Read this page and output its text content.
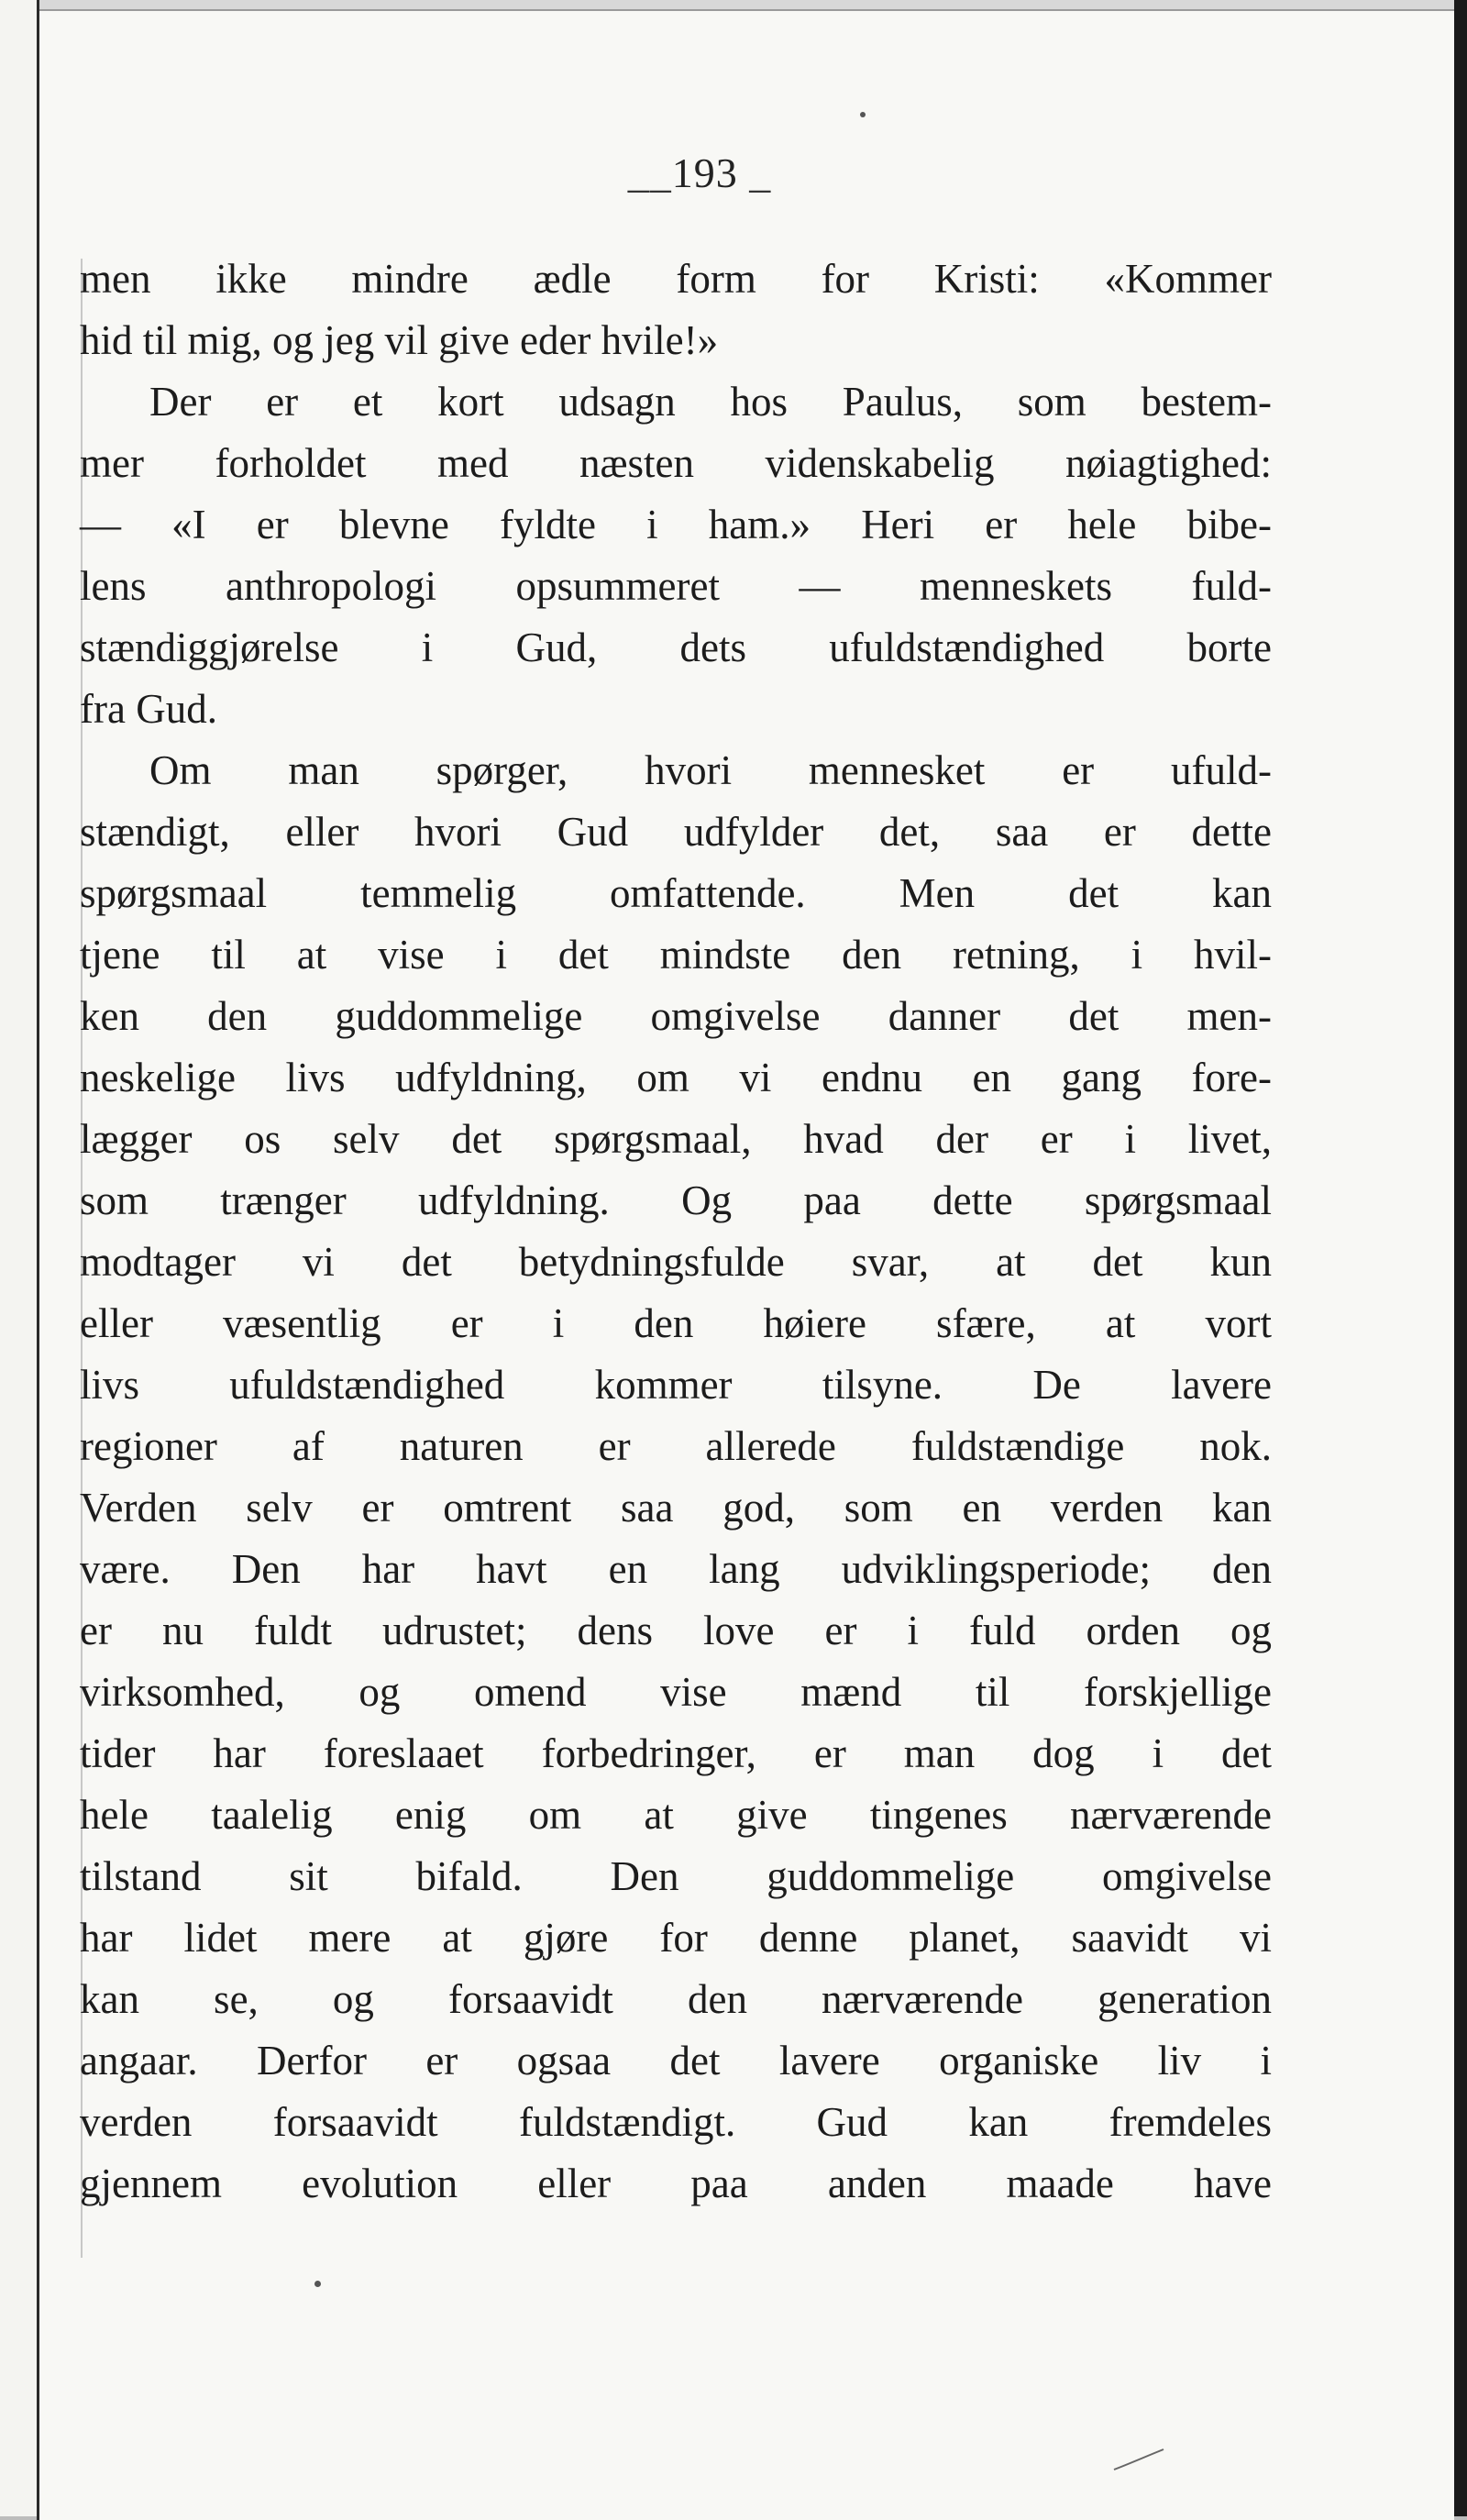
__193 _
men ikke mindre ædle form for Kristi: «Kommer
hid til mig, og jeg vil give eder hvile!»
Der er et kort udsagn hos Paulus, som bestem-
mer forholdet med næsten videnskabelig nøiagtighed:
— «I er blevne fyldte i ham.» Heri er hele bibe-
lens anthropologi opsummeret — menneskets fuld-
stændiggjørelse i Gud, dets ufuldstændighed borte
fra Gud.
Om man spørger, hvori mennesket er ufuld-
stændigt, eller hvori Gud udfylder det, saa er dette
spørgsmaal temmelig omfattende. Men det kan
tjene til at vise i det mindste den retning, i hvil-
ken den guddommelige omgivelse danner det men-
neskelige livs udfyldning, om vi endnu en gang fore-
lægger os selv det spørgsmaal, hvad der er i livet,
som trænger udfyldning. Og paa dette spørgsmaal
modtager vi det betydningsfulde svar, at det kun
eller væsentlig er i den høiere sfære, at vort
livs ufuldstændighed kommer tilsyne. De lavere
regioner af naturen er allerede fuldstændige nok.
Verden selv er omtrent saa god, som en verden kan
være. Den har havt en lang udviklingsperiode; den
er nu fuldt udrustet; dens love er i fuld orden og
virksomhed, og omend vise mænd til forskjellige
tider har foreslaaet forbedringer, er man dog i det
hele taalelig enig om at give tingenes nærværende
tilstand sit bifald. Den guddommelige omgivelse
har lidet mere at gjøre for denne planet, saavidt vi
kan se, og forsaavidt den nærværende generation
angaar. Derfor er ogsaa det lavere organiske liv i
verden forsaavidt fuldstændigt. Gud kan fremdeles
gjennem evolution eller paa anden maade have
